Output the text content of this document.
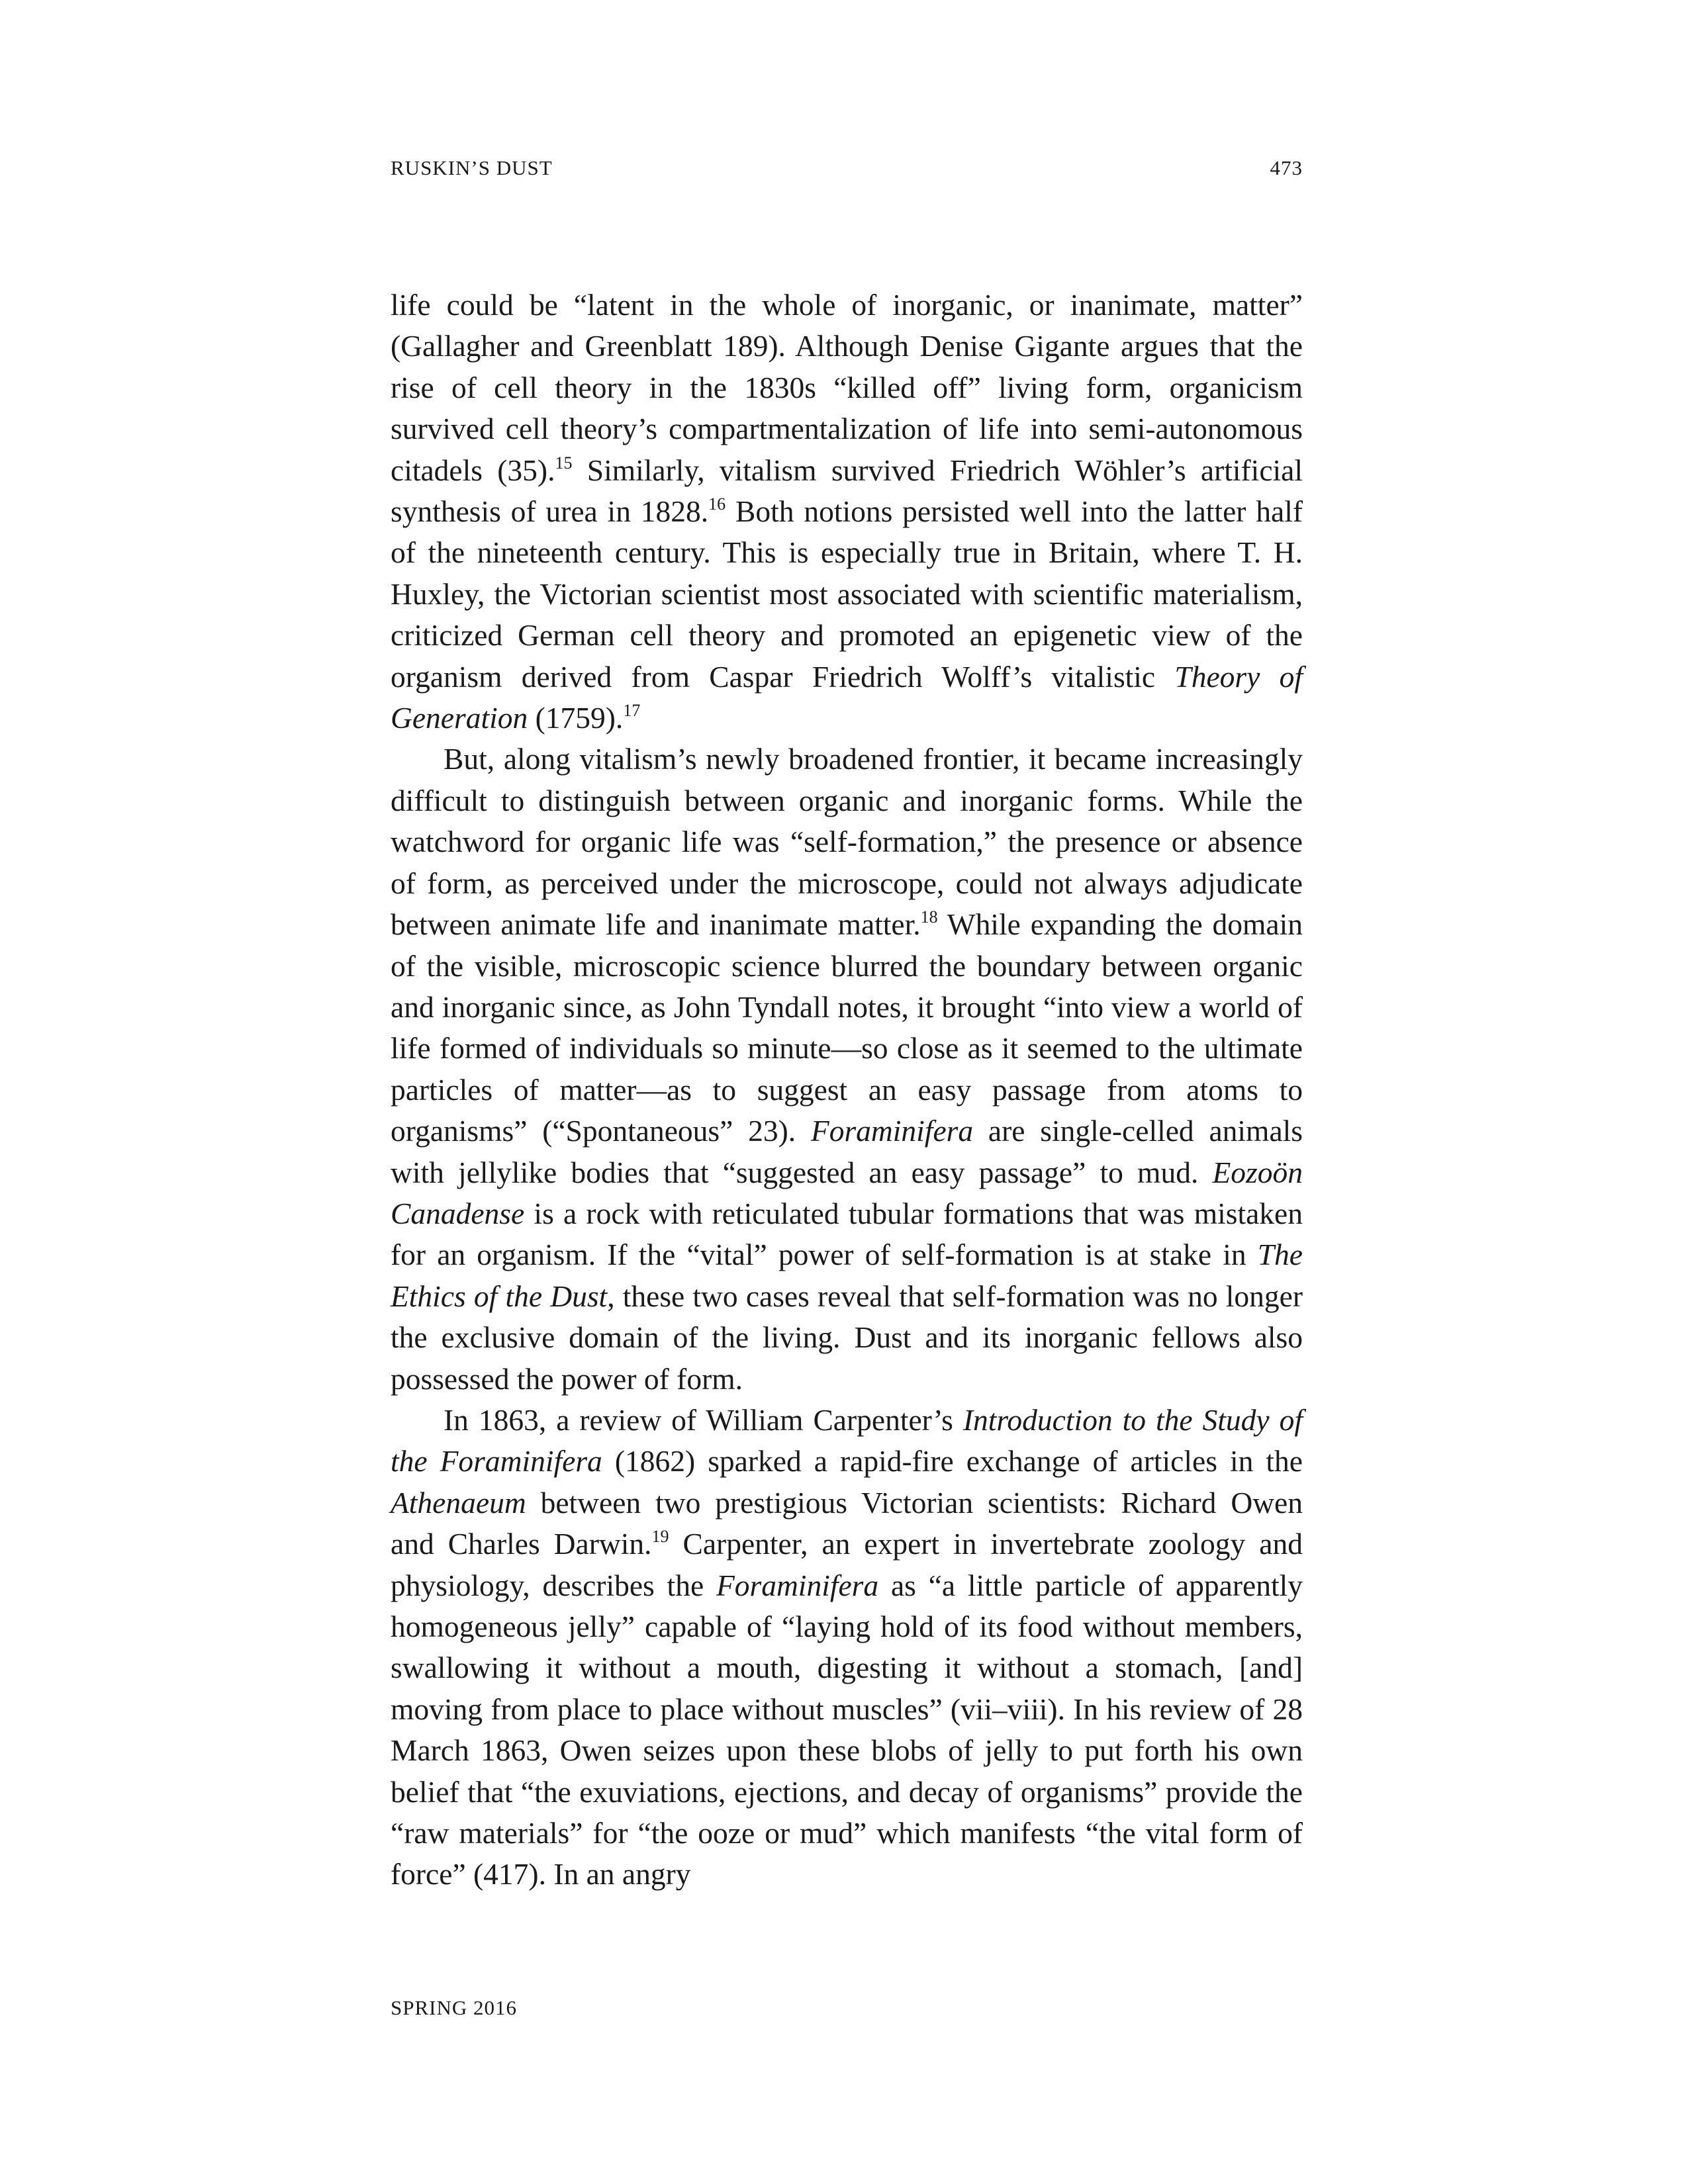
RUSKIN’S DUST	473

life could be “latent in the whole of inorganic, or inanimate, matter” (Gallagher and Greenblatt 189). Although Denise Gigante argues that the rise of cell theory in the 1830s “killed off” living form, organicism survived cell theory’s compartmentalization of life into semi-autonomous citadels (35).$^{15}$ Similarly, vitalism survived Friedrich Wöhler’s artificial synthesis of urea in 1828.16 Both notions persisted well into the latter half of the nineteenth century. This is especially true in Britain, where T. H. Huxley, the Victorian scientist most associated with scientific materialism, criticized German cell theory and promoted an epigenetic view of the organism derived from Caspar Friedrich Wolff’s vitalistic Theory of Generation (1759).$^{17}$

But, along vitalism’s newly broadened frontier, it became increasingly difficult to distinguish between organic and inorganic forms. While the watchword for organic life was “self-formation,” the presence or absence of form, as perceived under the microscope, could not always adjudicate between animate life and inanimate matter.$^{18}$ While expanding the domain of the visible, microscopic science blurred the boundary between organic and inorganic since, as John Tyndall notes, it brought “into view a world of life formed of individuals so minute—so close as it seemed to the ultimate particles of matter—as to suggest an easy passage from atoms to organisms” (“Spontaneous” 23). Foraminifera are single-celled animals with jellylike bodies that “suggested an easy passage” to mud. Eozoön Canadense is a rock with reticulated tubular formations that was mistaken for an organism. If the “vital” power of self-formation is at stake in The Ethics of the Dust, these two cases reveal that self-formation was no longer the exclusive domain of the living. Dust and its inorganic fellows also possessed the power of form.

In 1863, a review of William Carpenter’s Introduction to the Study of the Foraminifera (1862) sparked a rapid-fire exchange of articles in the Athenaeum between two prestigious Victorian scientists: Richard Owen and Charles Darwin.$^{19}$ Carpenter, an expert in invertebrate zoology and physiology, describes the Foraminifera as “a little particle of apparently homogeneous jelly” capable of “laying hold of its food without members, swallowing it without a mouth, digesting it without a stomach, [and] moving from place to place without muscles” (vii–viii). In his review of 28 March 1863, Owen seizes upon these blobs of jelly to put forth his own belief that “the exuviations, ejections, and decay of organisms” provide the “raw materials” for “the ooze or mud” which manifests “the vital form of force” (417). In an angry

SPRING 2016
